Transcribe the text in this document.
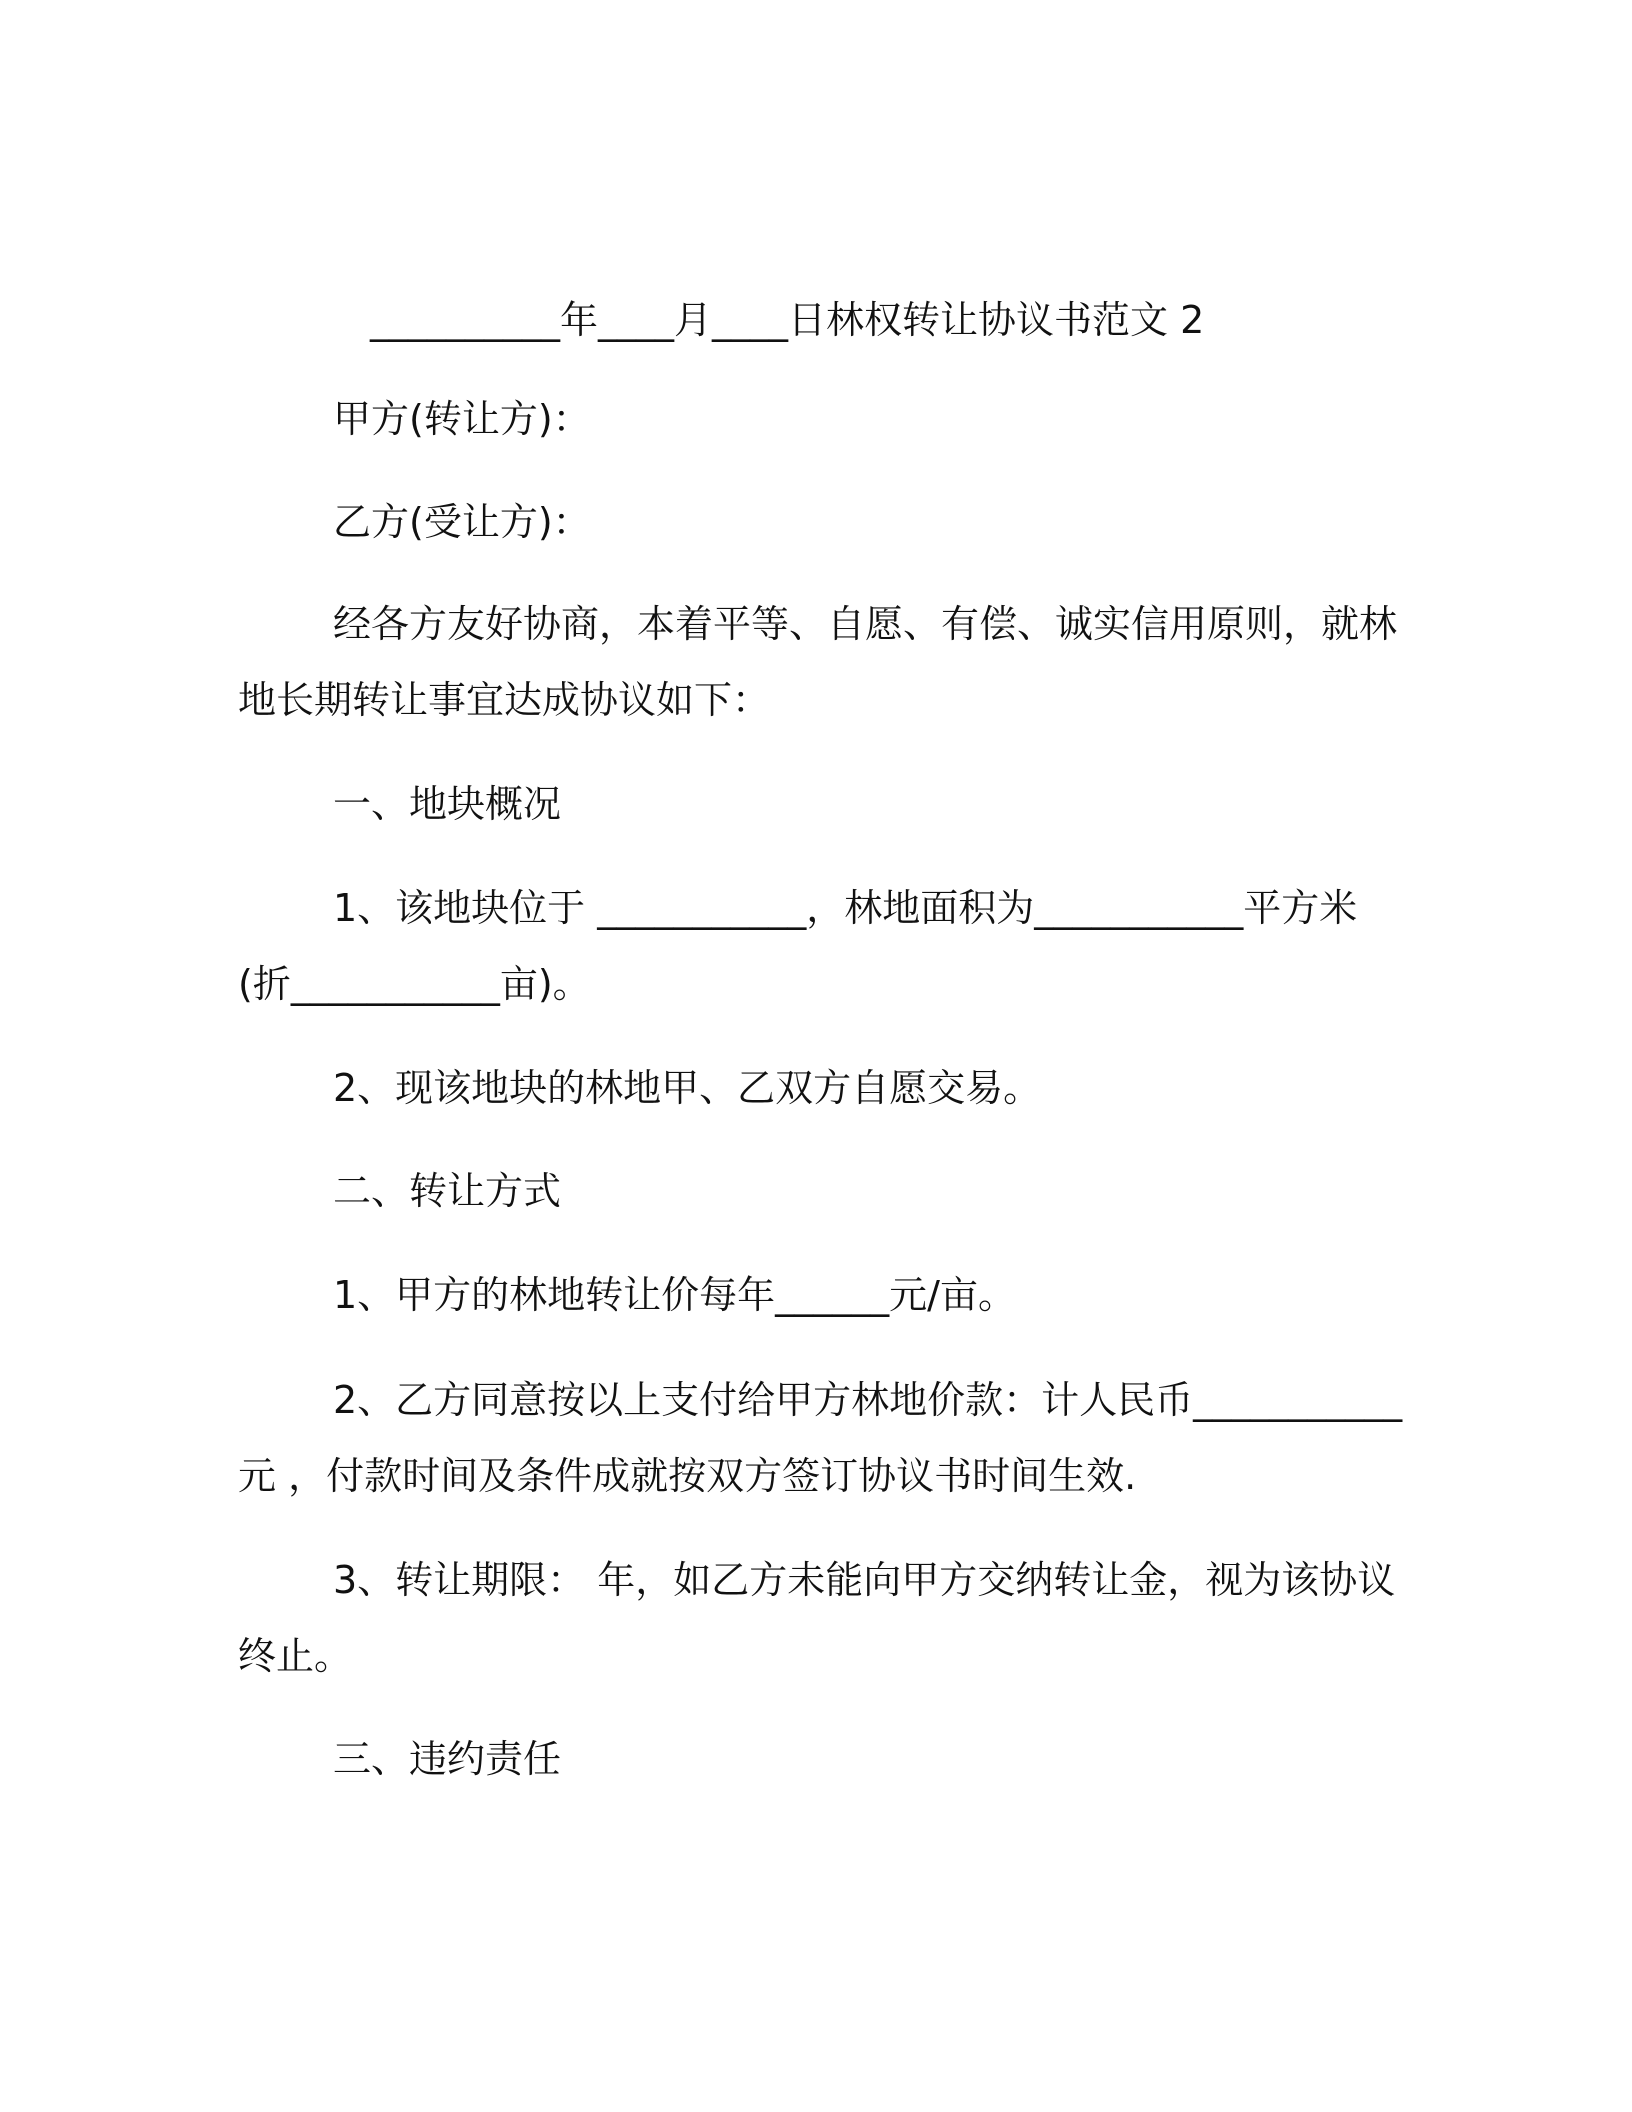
__________年____月____日林权转让协议书范文 2
甲方(转让方)：
乙方(受让方)：
经各方友好协商，本着平等、自愿、有偿、诚实信用原则，就林
地长期转让事宜达成协议如下：
一、地块概况
1、该地块位于 ___________，林地面积为___________平方米
(折___________亩)。
2、现该地块的林地甲、乙双方自愿交易。
二、转让方式
1、甲方的林地转让价每年______元/亩。
2、乙方同意按以上支付给甲方林地价款：计人民币___________
元 ，付款时间及条件成就按双方签订协议书时间生效.
3、转让期限： 年，如乙方未能向甲方交纳转让金，视为该协议
终止。
三、违约责任
